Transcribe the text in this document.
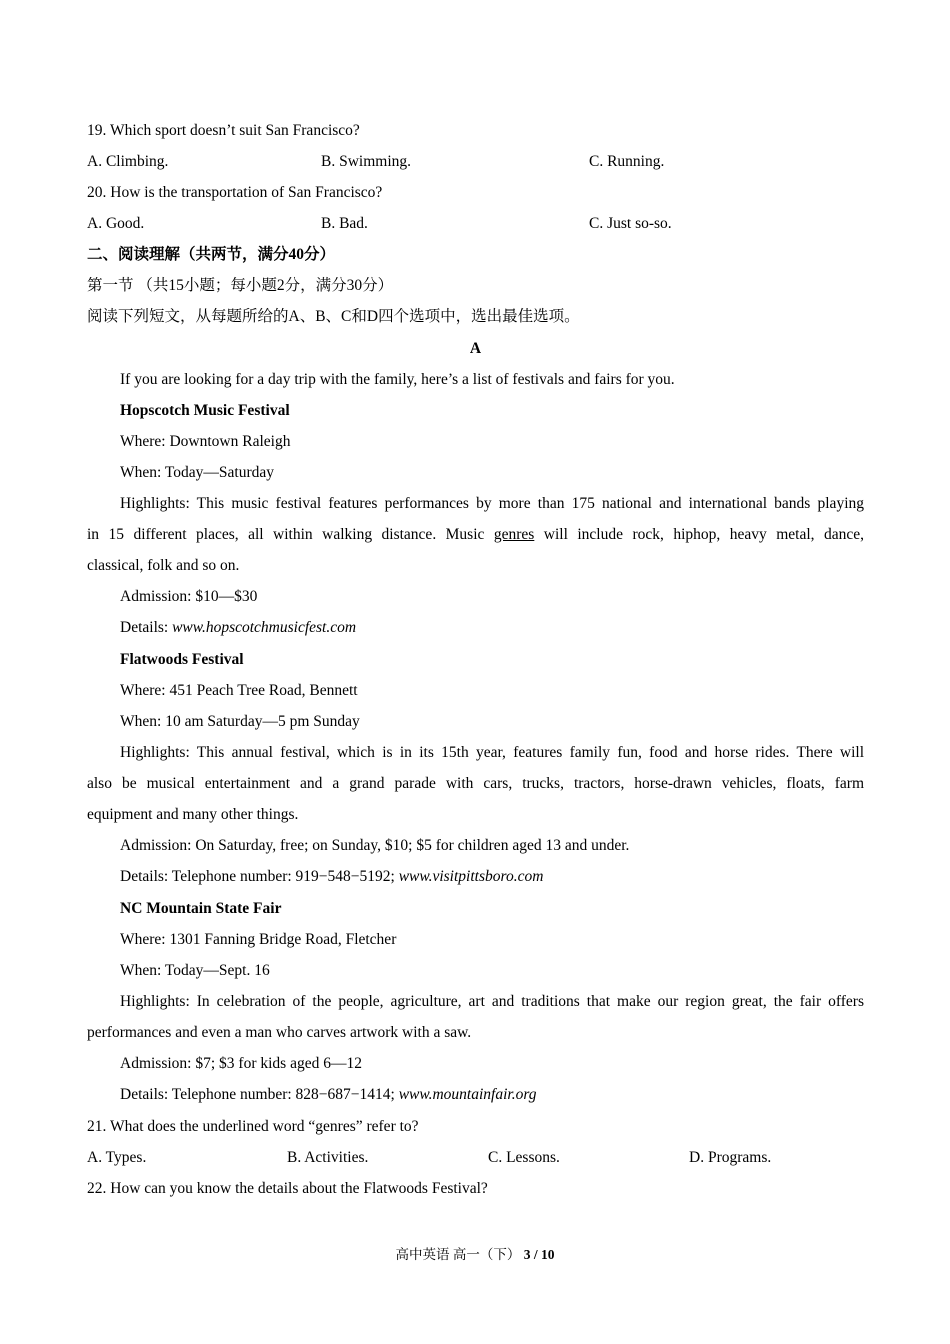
19. Which sport doesn’t suit San Francisco?
A. Climbing.	B. Swimming.	C. Running.
20. How is the transportation of San Francisco?
A. Good.	B. Bad.	C. Just so-so.
二、阅读理解（共两节，满分40分）
第一节 （共15小题；每小题2分，满分30分）
阅读下列短文，从每题所给的A、B、C和D四个选项中，选出最佳选项。
A
If you are looking for a day trip with the family, here’s a list of festivals and fairs for you.
Hopscotch Music Festival
Where: Downtown Raleigh
When: Today—Saturday
Highlights: This music festival features performances by more than 175 national and international bands playing
in 15 different places, all within walking distance. Music genres will include rock, hiphop, heavy metal, dance,
classical, folk and so on.
Admission: $10—$30
Details: www.hopscotchmusicfest.com
Flatwoods Festival
Where: 451 Peach Tree Road, Bennett
When: 10 am Saturday—5 pm Sunday
Highlights: This annual festival, which is in its 15th year, features family fun, food and horse rides. There will
also be musical entertainment and a grand parade with cars, trucks, tractors, horse-drawn vehicles, floats, farm
equipment and many other things.
Admission: On Saturday, free; on Sunday, $10; $5 for children aged 13 and under.
Details: Telephone number: 919−548−5192; www.visitpittsboro.com
NC Mountain State Fair
Where: 1301 Fanning Bridge Road, Fletcher
When: Today—Sept. 16
Highlights: In celebration of the people, agriculture, art and traditions that make our region great, the fair offers
performances and even a man who carves artwork with a saw.
Admission: $7; $3 for kids aged 6—12
Details: Telephone number: 828−687−1414; www.mountainfair.org
21. What does the underlined word “genres” refer to?
A. Types.	B. Activities.	C. Lessons.	D. Programs.
22. How can you know the details about the Flatwoods Festival?
高中英语 高一（下） 3 / 10
